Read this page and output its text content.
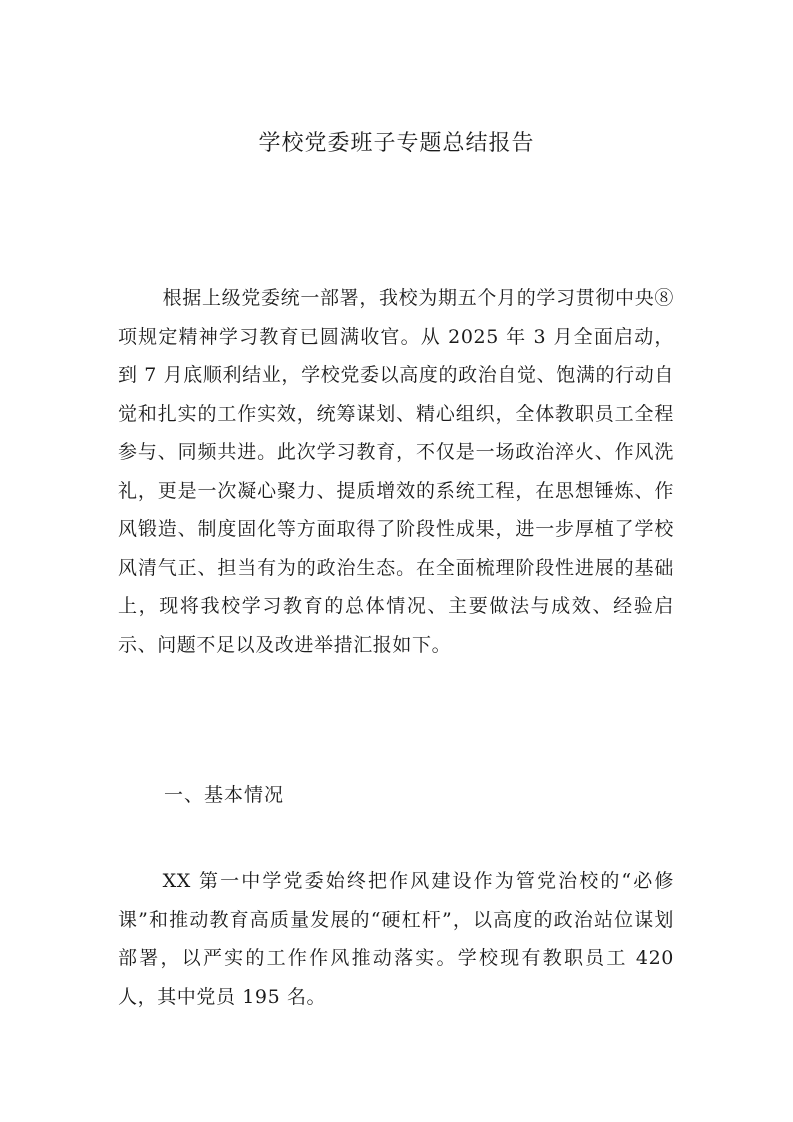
学校党委班子专题总结报告

根据上级党委统一部署，我校为期五个月的学习贯彻中央⑧项规定精神学习教育已圆满收官。从 2025 年 3 月全面启动，到 7 月底顺利结业，学校党委以高度的政治自觉、饱满的行动自觉和扎实的工作实效，统筹谋划、精心组织，全体教职员工全程参与、同频共进。此次学习教育，不仅是一场政治淬火、作风洗礼，更是一次凝心聚力、提质增效的系统工程，在思想锤炼、作风锻造、制度固化等方面取得了阶段性成果，进一步厚植了学校风清气正、担当有为的政治生态。在全面梳理阶段性进展的基础上，现将我校学习教育的总体情况、主要做法与成效、经验启示、问题不足以及改进举措汇报如下。

一、基本情况

XX 第一中学党委始终把作风建设作为管党治校的“必修课”和推动教育高质量发展的“硬杠杆”，以高度的政治站位谋划部署，以严实的工作作风推动落实。学校现有教职员工 420 人，其中党员 195 名。
